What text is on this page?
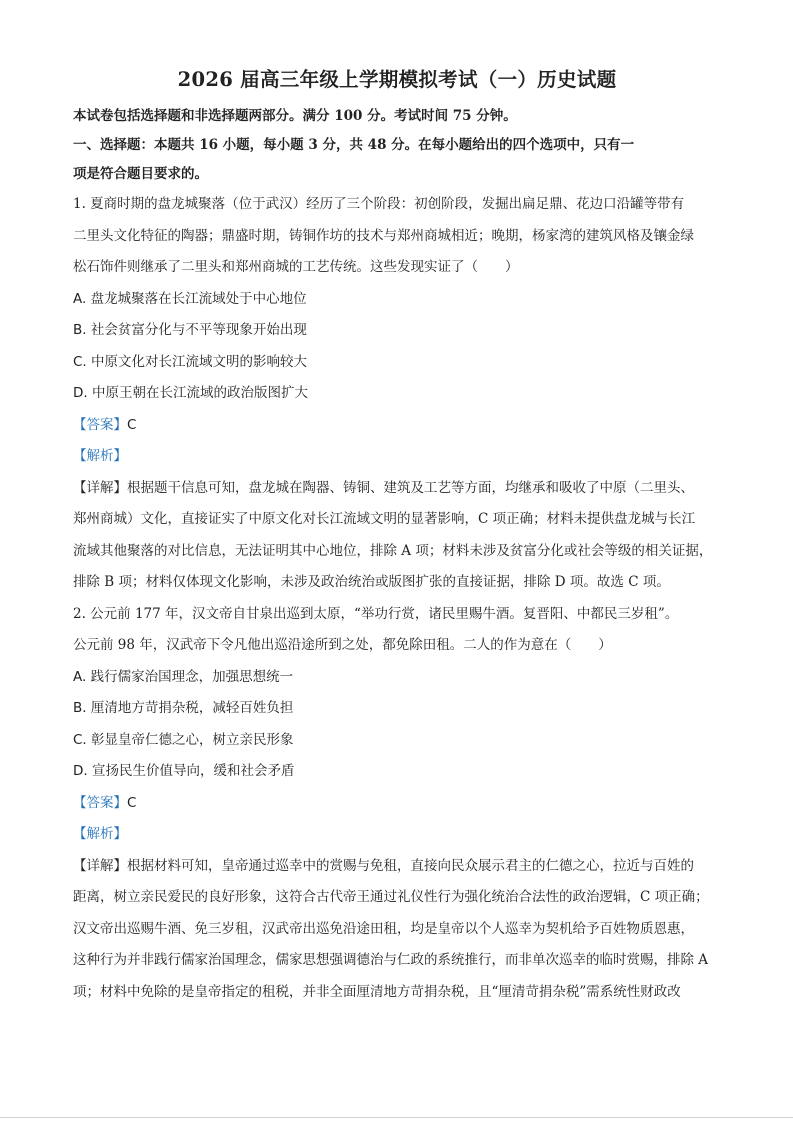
2026 届高三年级上学期模拟考试（一）历史试题
本试卷包括选择题和非选择题两部分。满分 100 分。考试时间 75 分钟。
一、选择题：本题共 16 小题，每小题 3 分，共 48 分。在每小题给出的四个选项中，只有一
项是符合题目要求的。
1. 夏商时期的盘龙城聚落（位于武汉）经历了三个阶段：初创阶段，发掘出扁足鼎、花边口沿罐等带有
二里头文化特征的陶器；鼎盛时期，铸铜作坊的技术与郑州商城相近；晚期，杨家湾的建筑风格及镶金绿
松石饰件则继承了二里头和郑州商城的工艺传统。这些发现实证了（　　）
A. 盘龙城聚落在长江流域处于中心地位
B. 社会贫富分化与不平等现象开始出现
C. 中原文化对长江流域文明的影响较大
D. 中原王朝在长江流域的政治版图扩大
【答案】C
【解析】
【详解】根据题干信息可知，盘龙城在陶器、铸铜、建筑及工艺等方面，均继承和吸收了中原（二里头、
郑州商城）文化，直接证实了中原文化对长江流域文明的显著影响，C 项正确；材料未提供盘龙城与长江
流域其他聚落的对比信息，无法证明其中心地位，排除 A 项；材料未涉及贫富分化或社会等级的相关证据，
排除 B 项；材料仅体现文化影响，未涉及政治统治或版图扩张的直接证据，排除 D 项。故选 C 项。
2. 公元前 177 年，汉文帝自甘泉出巡到太原，“举功行赏，诸民里赐牛酒。复晋阳、中都民三岁租”。
公元前 98 年，汉武帝下令凡他出巡沿途所到之处，都免除田租。二人的作为意在（　　）
A. 践行儒家治国理念，加强思想统一
B. 厘清地方苛捐杂税，减轻百姓负担
C. 彰显皇帝仁德之心，树立亲民形象
D. 宣扬民生价值导向，缓和社会矛盾
【答案】C
【解析】
【详解】根据材料可知，皇帝通过巡幸中的赏赐与免租，直接向民众展示君主的仁德之心，拉近与百姓的
距离，树立亲民爱民的良好形象，这符合古代帝王通过礼仪性行为强化统治合法性的政治逻辑，C 项正确；
汉文帝出巡赐牛酒、免三岁租，汉武帝出巡免沿途田租，均是皇帝以个人巡幸为契机给予百姓物质恩惠，
这种行为并非践行儒家治国理念，儒家思想强调德治与仁政的系统推行，而非单次巡幸的临时赏赐，排除 A
项；材料中免除的是皇帝指定的租税，并非全面厘清地方苛捐杂税，且“厘清苛捐杂税”需系统性财政改
